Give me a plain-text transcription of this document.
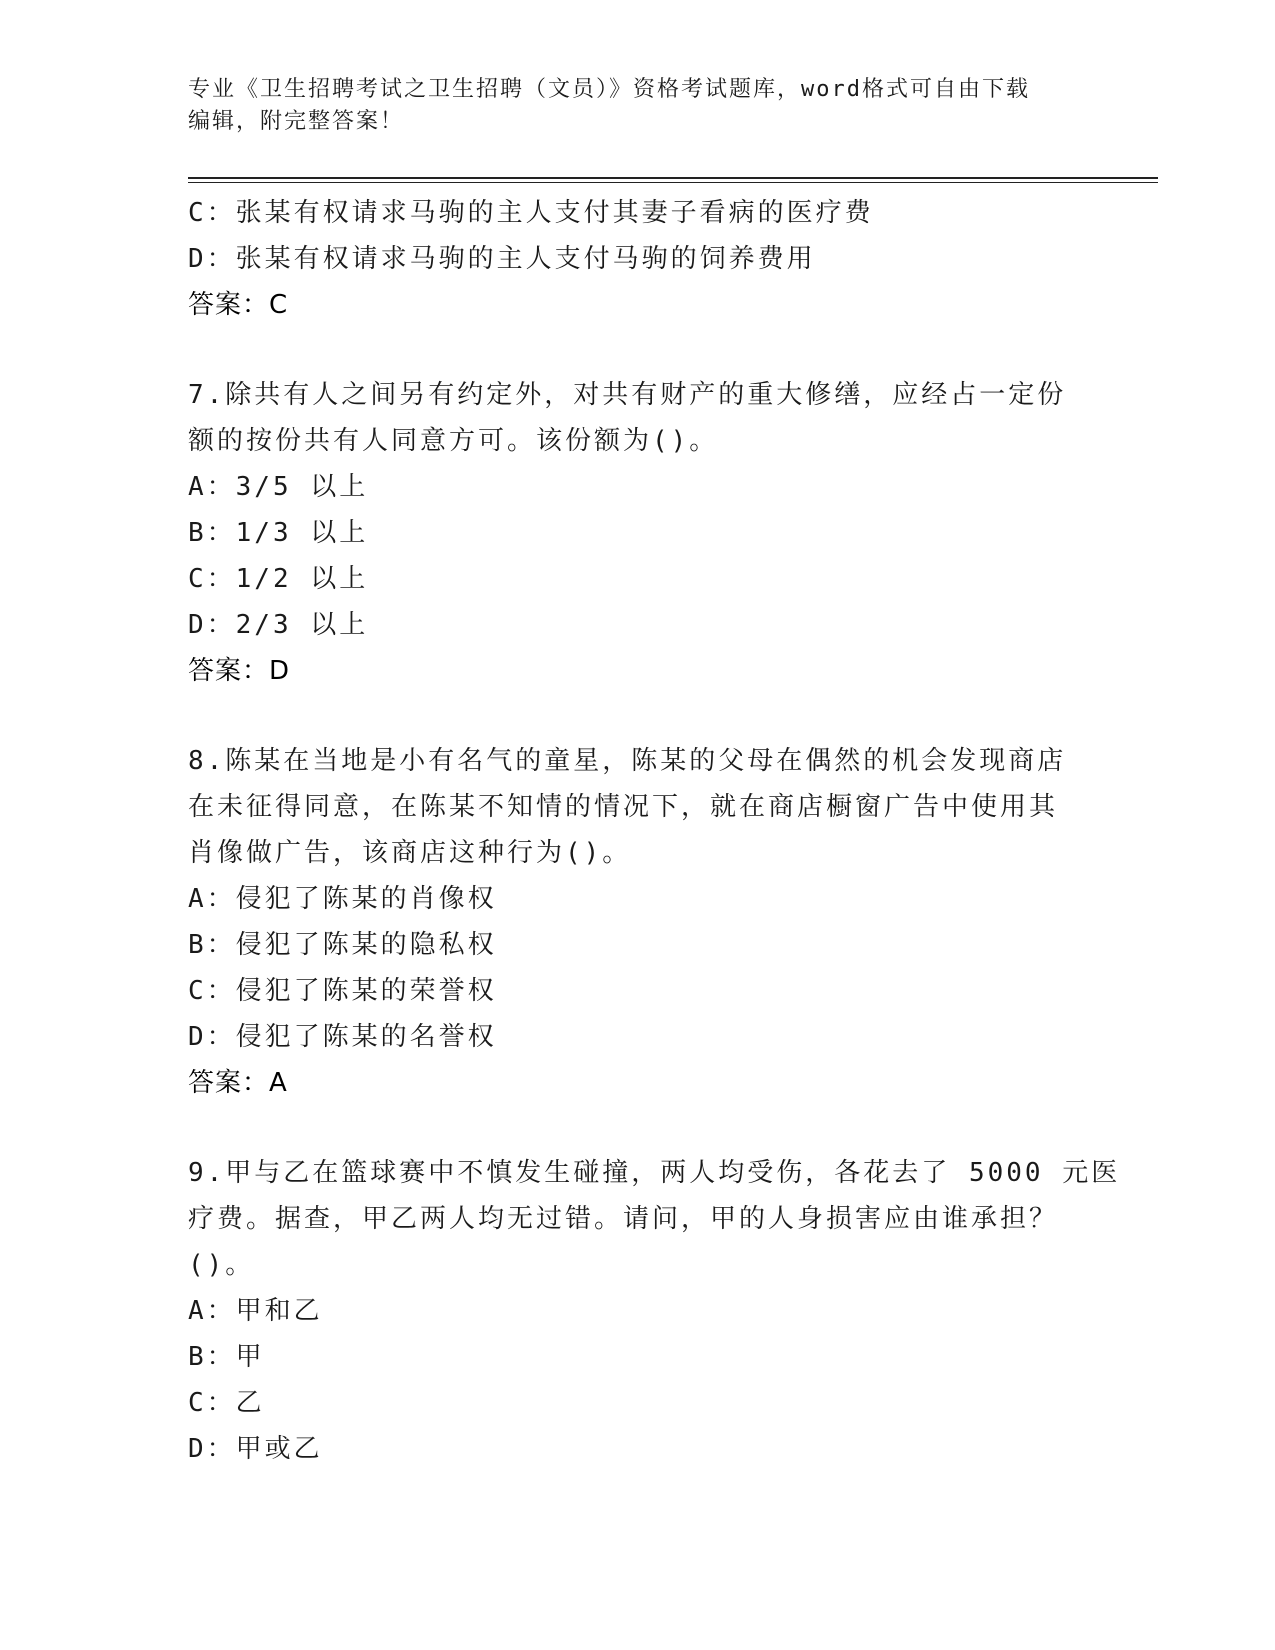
专业《卫生招聘考试之卫生招聘（文员）》资格考试题库，word格式可自由下载
编辑，附完整答案！
C：张某有权请求马驹的主人支付其妻子看病的医疗费
D：张某有权请求马驹的主人支付马驹的饲养费用
答案：C
7.除共有人之间另有约定外，对共有财产的重大修缮，应经占一定份
额的按份共有人同意方可。该份额为()。
A：3/5 以上
B：1/3 以上
C：1/2 以上
D：2/3 以上
答案：D
8.陈某在当地是小有名气的童星，陈某的父母在偶然的机会发现商店
在未征得同意，在陈某不知情的情况下，就在商店橱窗广告中使用其
肖像做广告，该商店这种行为()。
A：侵犯了陈某的肖像权
B：侵犯了陈某的隐私权
C：侵犯了陈某的荣誉权
D：侵犯了陈某的名誉权
答案：A
9.甲与乙在篮球赛中不慎发生碰撞，两人均受伤，各花去了 5000 元医
疗费。据查，甲乙两人均无过错。请问，甲的人身损害应由谁承担？
()。
A：甲和乙
B：甲
C：乙
D：甲或乙
